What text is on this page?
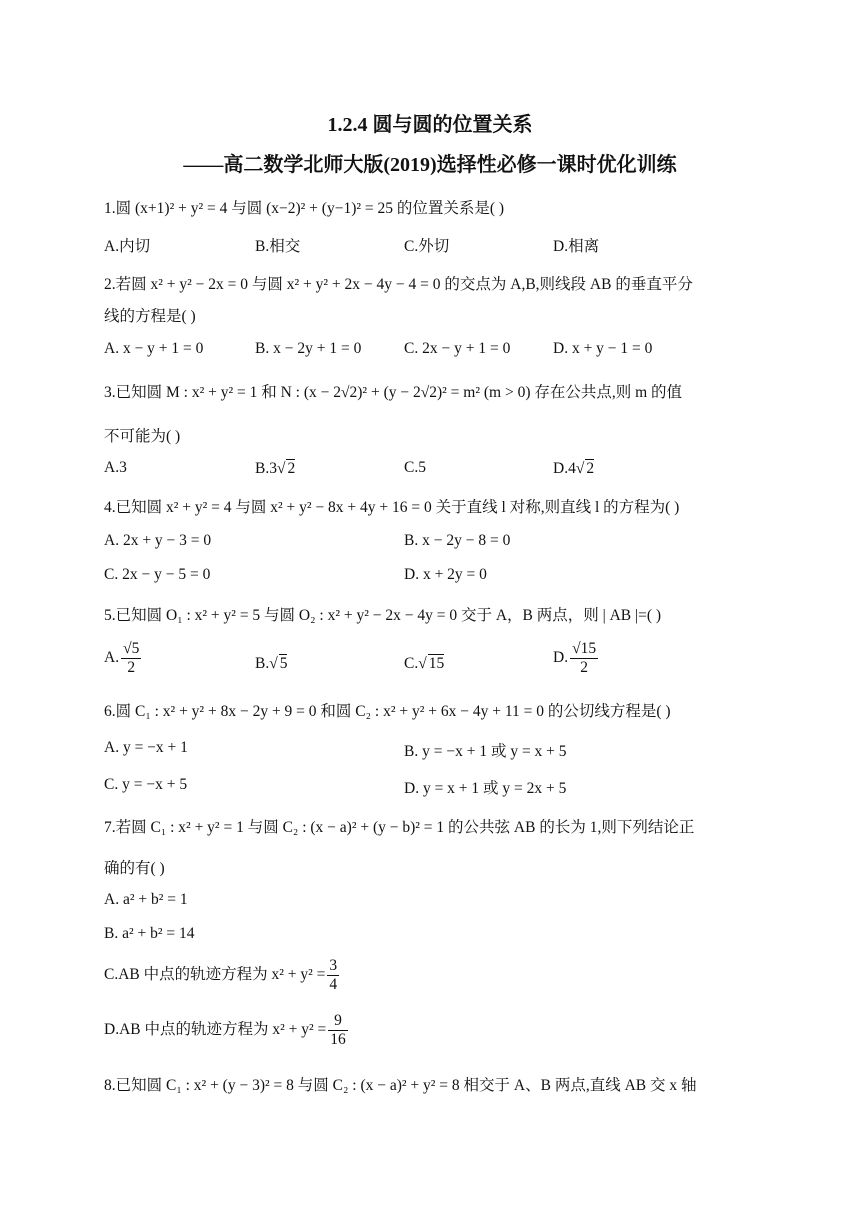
1.2.4 圆与圆的位置关系
——高二数学北师大版(2019)选择性必修一课时优化训练
1.圆 (x+1)² + y² = 4 与圆 (x−2)² + (y−1)² = 25 的位置关系是( )
A.内切	B.相交	C.外切	D.相离
2.若圆 x² + y² − 2x = 0 与圆 x² + y² + 2x − 4y − 4 = 0 的交点为 A,B,则线段 AB 的垂直平分
线的方程是( )
A. x − y + 1 = 0	B. x − 2y + 1 = 0	C. 2x − y + 1 = 0	D. x + y − 1 = 0
3.已知圆 M : x² + y² = 1 和 N : (x − 2√2)² + (y − 2√2)² = m² (m > 0) 存在公共点,则 m 的值
不可能为( )
A.3	B.3√ 2	C.5	D.4√ 2
4.已知圆 x² + y² = 4 与圆 x² + y² − 8x + 4y + 16 = 0 关于直线 l 对称,则直线 l 的方程为( )
A. 2x + y − 3 = 0	B. x − 2y − 8 = 0
C. 2x − y − 5 = 0	D. x + 2y = 0
5.已知圆 O₁ : x² + y² = 5 与圆 O₂ : x² + y² − 2x − 4y = 0 交于 A，B 两点，则 | AB |=( )
A. $\frac{√5}{2}$	B.√ 5	C.√ 15	D. $\frac{√15}{2}$
6.圆 C₁ : x² + y² + 8x − 2y + 9 = 0 和圆 C₂ : x² + y² + 6x − 4y + 11 = 0 的公切线方程是( )
A. y = −x + 1	B. y = −x + 1 或 y = x + 5
C. y = −x + 5	D. y = x + 1 或 y = 2x + 5
7.若圆 C₁ : x² + y² = 1 与圆 C₂ : (x − a)² + (y − b)² = 1 的公共弦 AB 的长为 1,则下列结论正
确的有( )
A. a² + b² = 1
B. a² + b² = 14
C.AB 中点的轨迹方程为 $x^2 + y^2 = \frac{3}{4}$
D.AB 中点的轨迹方程为 $x^2 + y^2 = \frac{9}{16}$
8.已知圆 C₁ : x² + (y − 3)² = 8 与圆 C₂ : (x − a)² + y² = 8 相交于 A、B 两点,直线 AB 交 x 轴
